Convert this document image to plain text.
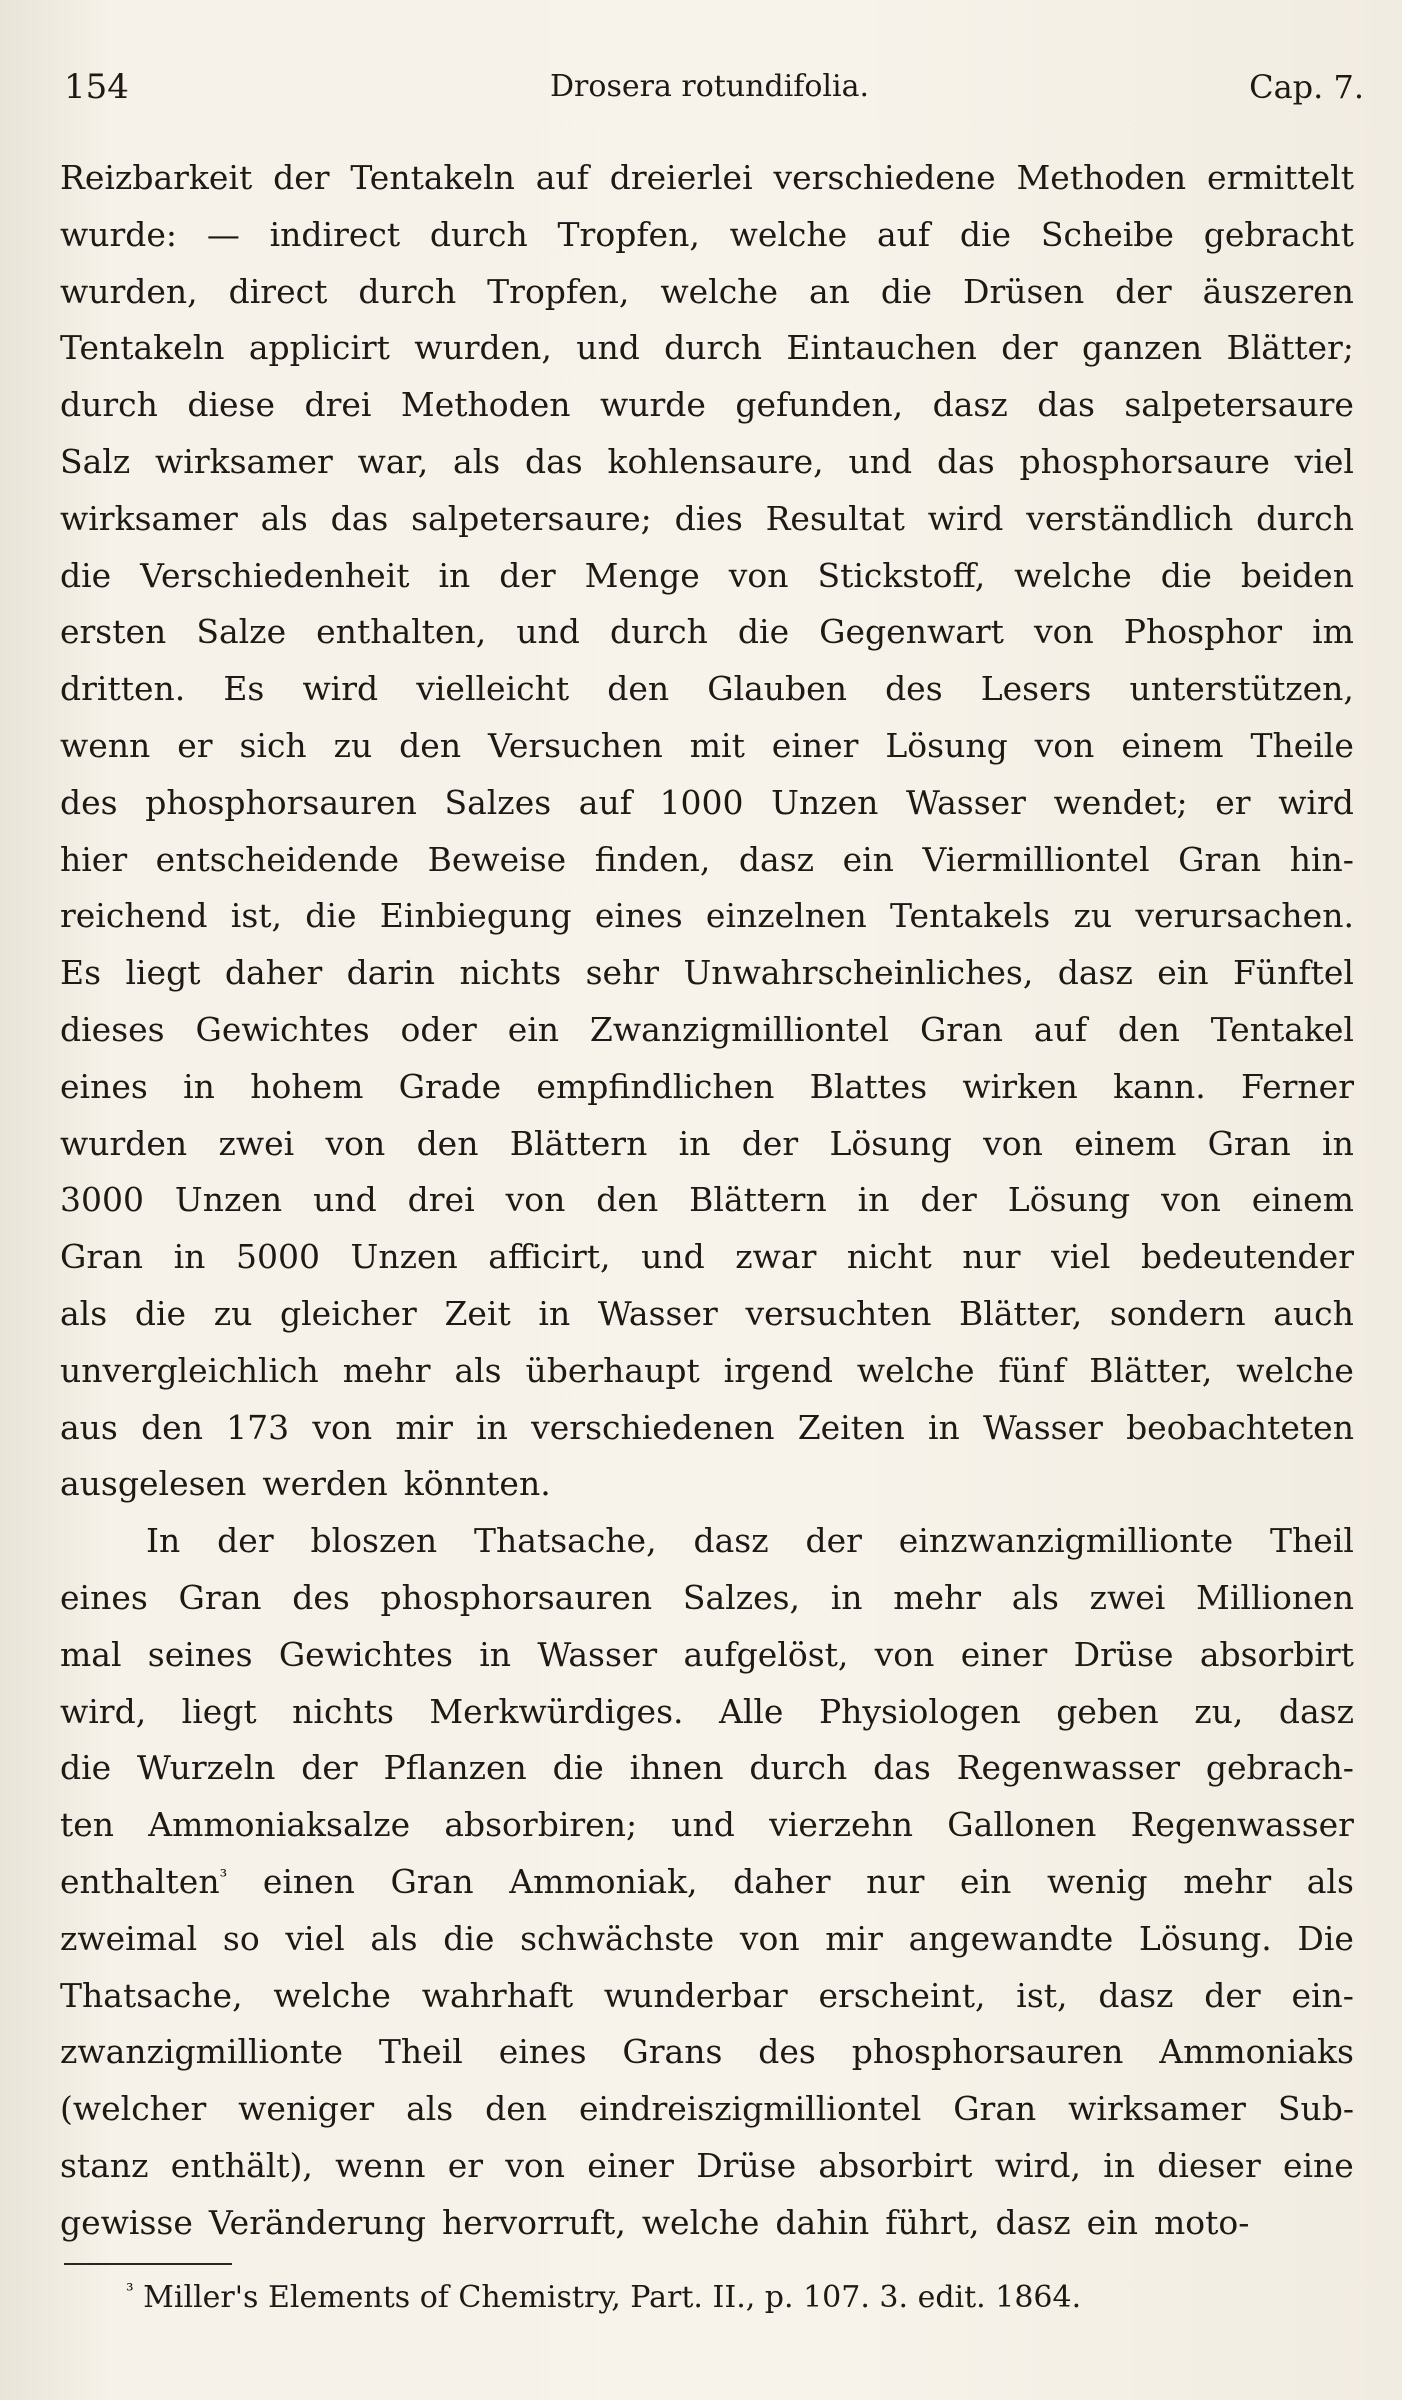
154	Drosera rotundifolia.	Cap. 7.
Reizbarkeit der Tentakeln auf dreierlei verschiedene Methoden ermittelt
wurde: — indirect durch Tropfen, welche auf die Scheibe gebracht
wurden, direct durch Tropfen, welche an die Drüsen der äuszeren
Tentakeln applicirt wurden, und durch Eintauchen der ganzen Blätter;
durch diese drei Methoden wurde gefunden, dasz das salpetersaure
Salz wirksamer war, als das kohlensaure, und das phosphorsaure viel
wirksamer als das salpetersaure; dies Resultat wird verständlich durch
die Verschiedenheit in der Menge von Stickstoff, welche die beiden
ersten Salze enthalten, und durch die Gegenwart von Phosphor im
dritten. Es wird vielleicht den Glauben des Lesers unterstützen,
wenn er sich zu den Versuchen mit einer Lösung von einem Theile
des phosphorsauren Salzes auf 1000 Unzen Wasser wendet; er wird
hier entscheidende Beweise finden, dasz ein Viermilliontel Gran hin-
reichend ist, die Einbiegung eines einzelnen Tentakels zu verursachen.
Es liegt daher darin nichts sehr Unwahrscheinliches, dasz ein Fünftel
dieses Gewichtes oder ein Zwanzigmilliontel Gran auf den Tentakel
eines in hohem Grade empfindlichen Blattes wirken kann. Ferner
wurden zwei von den Blättern in der Lösung von einem Gran in
3000 Unzen und drei von den Blättern in der Lösung von einem
Gran in 5000 Unzen afficirt, und zwar nicht nur viel bedeutender
als die zu gleicher Zeit in Wasser versuchten Blätter, sondern auch
unvergleichlich mehr als überhaupt irgend welche fünf Blätter, welche
aus den 173 von mir in verschiedenen Zeiten in Wasser beobachteten
ausgelesen werden könnten.
In der bloszen Thatsache, dasz der einzwanzigmillionte Theil
eines Gran des phosphorsauren Salzes, in mehr als zwei Millionen
mal seines Gewichtes in Wasser aufgelöst, von einer Drüse absorbirt
wird, liegt nichts Merkwürdiges. Alle Physiologen geben zu, dasz
die Wurzeln der Pflanzen die ihnen durch das Regenwasser gebrach-
ten Ammoniaksalze absorbiren; und vierzehn Gallonen Regenwasser
enthalten$^{^3}$ einen Gran Ammoniak, daher nur ein wenig mehr als
zweimal so viel als die schwächste von mir angewandte Lösung. Die
Thatsache, welche wahrhaft wunderbar erscheint, ist, dasz der ein-
zwanzigmillionte Theil eines Grans des phosphorsauren Ammoniaks
(welcher weniger als den eindreiszigmilliontel Gran wirksamer Sub-
stanz enthält), wenn er von einer Drüse absorbirt wird, in dieser eine
gewisse Veränderung hervorruft, welche dahin führt, dasz ein moto-
$^{^3}$ Miller's Elements of Chemistry, Part. II., p. 107. 3. edit. 1864.
